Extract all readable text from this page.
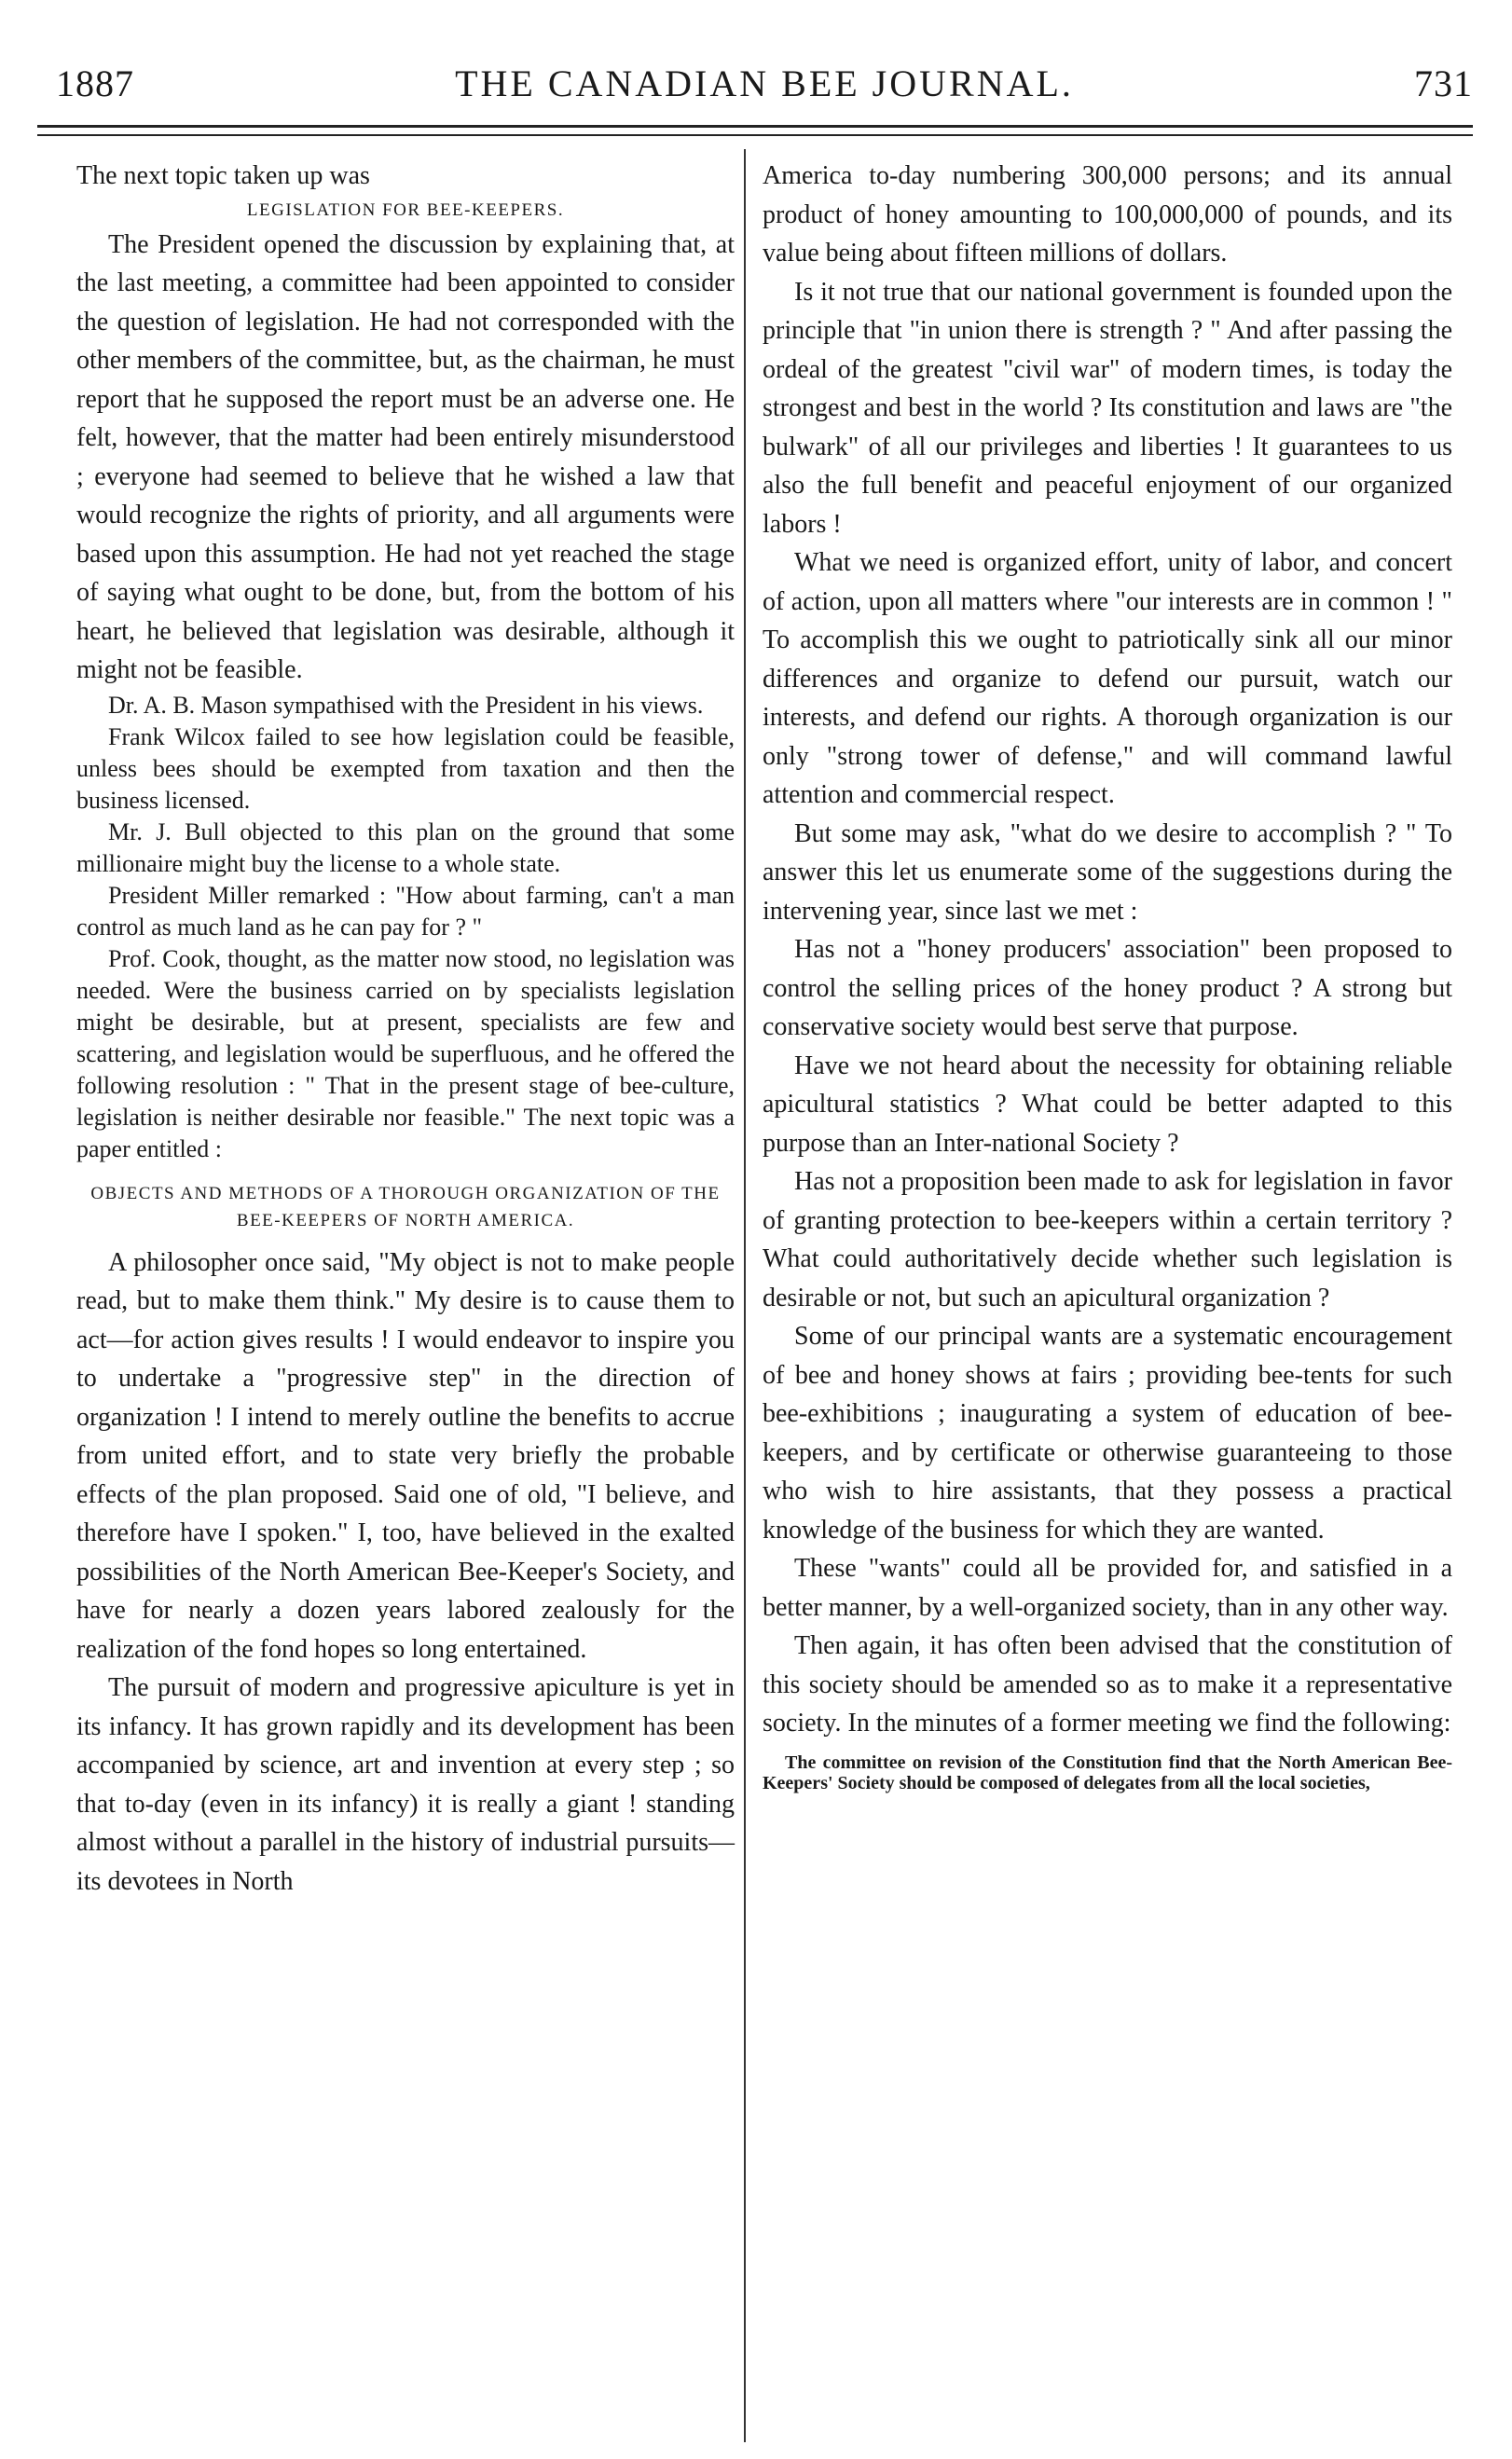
1887	THE CANADIAN BEE JOURNAL.	731

The next topic taken up was

LEGISLATION FOR BEE-KEEPERS.

The President opened the discussion by explaining that, at the last meeting, a committee had been appointed to consider the question of legislation. He had not corresponded with the other members of the committee, but, as the chairman, he must report that he supposed the report must be an adverse one. He felt, however, that the matter had been entirely misunderstood ; everyone had seemed to believe that he wished a law that would recognize the rights of priority, and all arguments were based upon this assumption. He had not yet reached the stage of saying what ought to be done, but, from the bottom of his heart, he believed that legislation was desirable, although it might not be feasible.

Dr. A. B. Mason sympathised with the President in his views.

Frank Wilcox failed to see how legislation could be feasible, unless bees should be exempted from taxation and then the business licensed.

Mr. J. Bull objected to this plan on the ground that some millionaire might buy the license to a whole state.

President Miller remarked : "How about farming, can't a man control as much land as he can pay for ? "

Prof. Cook, thought, as the matter now stood, no legislation was needed. Were the business carried on by specialists legislation might be desirable, but at present, specialists are few and scattering, and legislation would be superfluous, and he offered the following resolution : " That in the present stage of bee-culture, legislation is neither desirable nor feasible." The next topic was a paper entitled :

OBJECTS AND METHODS OF A THOROUGH ORGANIZATION OF THE BEE-KEEPERS OF NORTH AMERICA.

A philosopher once said, "My object is not to make people read, but to make them think." My desire is to cause them to act—for action gives results ! I would endeavor to inspire you to undertake a "progressive step" in the direction of organization ! I intend to merely outline the benefits to accrue from united effort, and to state very briefly the probable effects of the plan proposed. Said one of old, "I believe, and therefore have I spoken." I, too, have believed in the exalted possibilities of the North American Bee-Keeper's Society, and have for nearly a dozen years labored zealously for the realization of the fond hopes so long entertained.

The pursuit of modern and progressive apiculture is yet in its infancy. It has grown rapidly and its development has been accompanied by science, art and invention at every step ; so that to-day (even in its infancy) it is really a giant ! standing almost without a parallel in the history of industrial pursuits—its devotees in North

America to-day numbering 300,000 persons; and its annual product of honey amounting to 100,000,000 of pounds, and its value being about fifteen millions of dollars.

Is it not true that our national government is founded upon the principle that "in union there is strength ? " And after passing the ordeal of the greatest "civil war" of modern times, is today the strongest and best in the world ? Its constitution and laws are "the bulwark" of all our privileges and liberties ! It guarantees to us also the full benefit and peaceful enjoyment of our organized labors !

What we need is organized effort, unity of labor, and concert of action, upon all matters where "our interests are in common ! " To accomplish this we ought to patriotically sink all our minor differences and organize to defend our pursuit, watch our interests, and defend our rights. A thorough organization is our only "strong tower of defense," and will command lawful attention and commercial respect.

But some may ask, "what do we desire to accomplish ? " To answer this let us enumerate some of the suggestions during the intervening year, since last we met :

Has not a "honey producers' association" been proposed to control the selling prices of the honey product ? A strong but conservative society would best serve that purpose.

Have we not heard about the necessity for obtaining reliable apicultural statistics ? What could be better adapted to this purpose than an Inter-national Society ?

Has not a proposition been made to ask for legislation in favor of granting protection to bee-keepers within a certain territory ? What could authoritatively decide whether such legislation is desirable or not, but such an apicultural organization ?

Some of our principal wants are a systematic encouragement of bee and honey shows at fairs ; providing bee-tents for such bee-exhibitions ; inaugurating a system of education of bee-keepers, and by certificate or otherwise guaranteeing to those who wish to hire assistants, that they possess a practical knowledge of the business for which they are wanted.

These "wants" could all be provided for, and satisfied in a better manner, by a well-organized society, than in any other way.

Then again, it has often been advised that the constitution of this society should be amended so as to make it a representative society. In the minutes of a former meeting we find the following:

The committee on revision of the Constitution find that the North American Bee-Keepers' Society should be composed of delegates from all the local societies,
